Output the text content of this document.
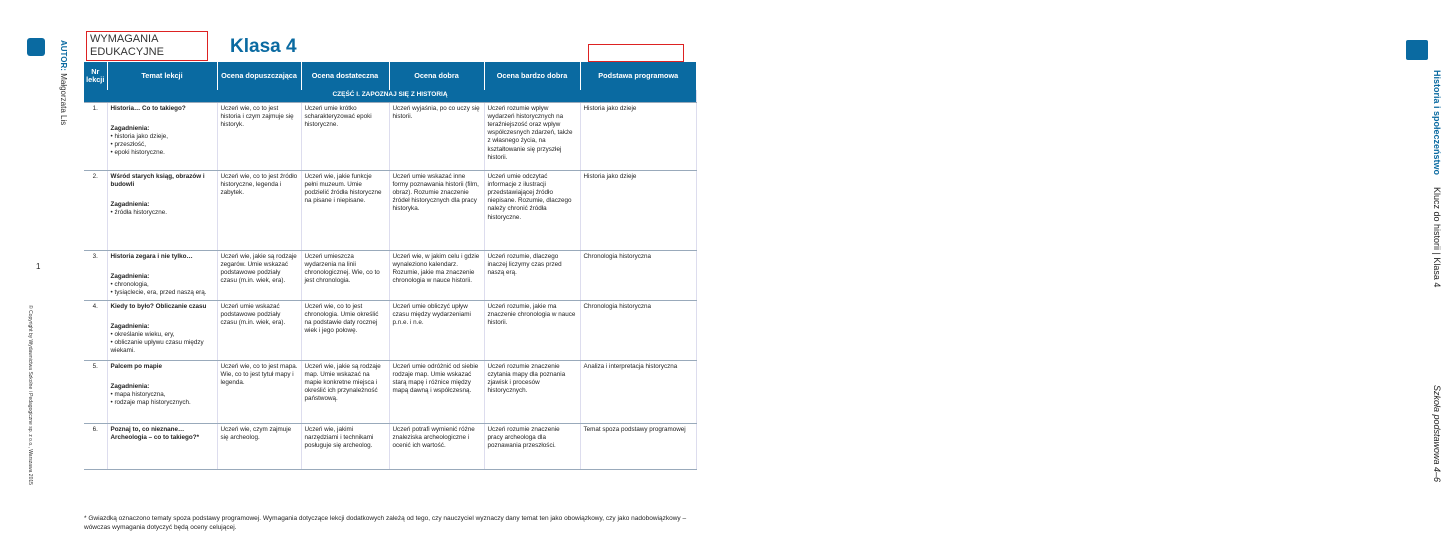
AUTOR: Małgorzata Lis
© Copyright by Wydawnictwa Szkolne i Pedagogiczne sp. z o.o., Warszawa 2015
1
WYMAGANIA EDUKACYJNE	Klasa 4
Historia i społeczeństwo
Klucz do historii | Klasa 4
Szkoła podstawowa 4–6
Nr lekcji	Temat lekcji	Ocena dopuszczająca	Ocena dostateczna	Ocena dobra	Ocena bardzo dobra	Podstawa programowa
CZĘŚĆ I. ZAPOZNAJ SIĘ Z HISTORIĄ						
1.	Historia… Co to takiego?
Zagadnienia:
• historia jako dzieje,
• przeszłość,
• epoki historyczne.	Uczeń wie, co to jest historia i czym zajmuje się historyk.	Uczeń umie krótko scharakteryzować epoki historyczne.	Uczeń wyjaśnia, po co uczy się historii.	Uczeń rozumie wpływ wydarzeń historycznych na teraźniejszość oraz wpływ współczesnych zdarzeń, także z własnego życia, na kształtowanie się przyszłej historii.	Historia jako dzieje
2.	Wśród starych ksiąg, obrazów i budowli
Zagadnienia:
• źródła historyczne.	Uczeń wie, co to jest źródło historyczne, legenda i zabytek.	Uczeń wie, jakie funkcje pełni muzeum. Umie podzielić źródła historyczne na pisane i niepisane.	Uczeń umie wskazać inne formy poznawania historii (film, obraz). Rozumie znaczenie źródeł historycznych dla pracy historyka.	Uczeń umie odczytać informacje z ilustracji przedstawiającej źródło niepisane. Rozumie, dlaczego należy chronić źródła historyczne.	Historia jako dzieje
3.	Historia zegara i nie tylko…
Zagadnienia:
• chronologia,
• tysiąclecie, era, przed naszą erą.	Uczeń wie, jakie są rodzaje zegarów. Umie wskazać podstawowe podziały czasu (m.in. wiek, era).	Uczeń umieszcza wydarzenia na linii chronologicznej. Wie, co to jest chronologia.	Uczeń wie, w jakim celu i gdzie wynaleziono kalendarz. Rozumie, jakie ma znaczenie chronologia w nauce historii.	Uczeń rozumie, dlaczego inaczej liczymy czas przed naszą erą.	Chronologia historyczna
4.	Kiedy to było? Obliczanie czasu
Zagadnienia:
• określanie wieku, ery,
• obliczanie upływu czasu między wiekami.	Uczeń umie wskazać podstawowe podziały czasu (m.in. wiek, era).	Uczeń wie, co to jest chronologia. Umie określić na podstawie daty rocznej wiek i jego połowę.	Uczeń umie obliczyć upływ czasu między wydarzeniami p.n.e. i n.e.	Uczeń rozumie, jakie ma znaczenie chronologia w nauce historii.	Chronologia historyczna
5.	Palcem po mapie
Zagadnienia:
• mapa historyczna,
• rodzaje map historycznych.	Uczeń wie, co to jest mapa. Wie, co to jest tytuł mapy i legenda.	Uczeń wie, jakie są rodzaje map. Umie wskazać na mapie konkretne miejsca i określić ich przynależność państwową.	Uczeń umie odróżnić od siebie rodzaje map. Umie wskazać starą mapę i różnice między mapą dawną i współczesną.	Uczeń rozumie znaczenie czytania mapy dla poznania zjawisk i procesów historycznych.	Analiza i interpretacja historyczna
6.	Poznaj to, co nieznane… Archeologia – co to takiego?*	Uczeń wie, czym zajmuje się archeolog.	Uczeń wie, jakimi narzędziami i technikami posługuje się archeolog.	Uczeń potrafi wymienić różne znaleziska archeologiczne i ocenić ich wartość.	Uczeń rozumie znaczenie pracy archeologa dla poznawania przeszłości.	Temat spoza podstawy programowej
* Gwiazdką oznaczono tematy spoza podstawy programowej. Wymagania dotyczące lekcji dodatkowych zależą od tego, czy nauczyciel wyznaczy dany temat ten jako obowiązkowy, czy jako nadobowiązkowy – wówczas wymagania dotyczyć będą oceny celującej.
